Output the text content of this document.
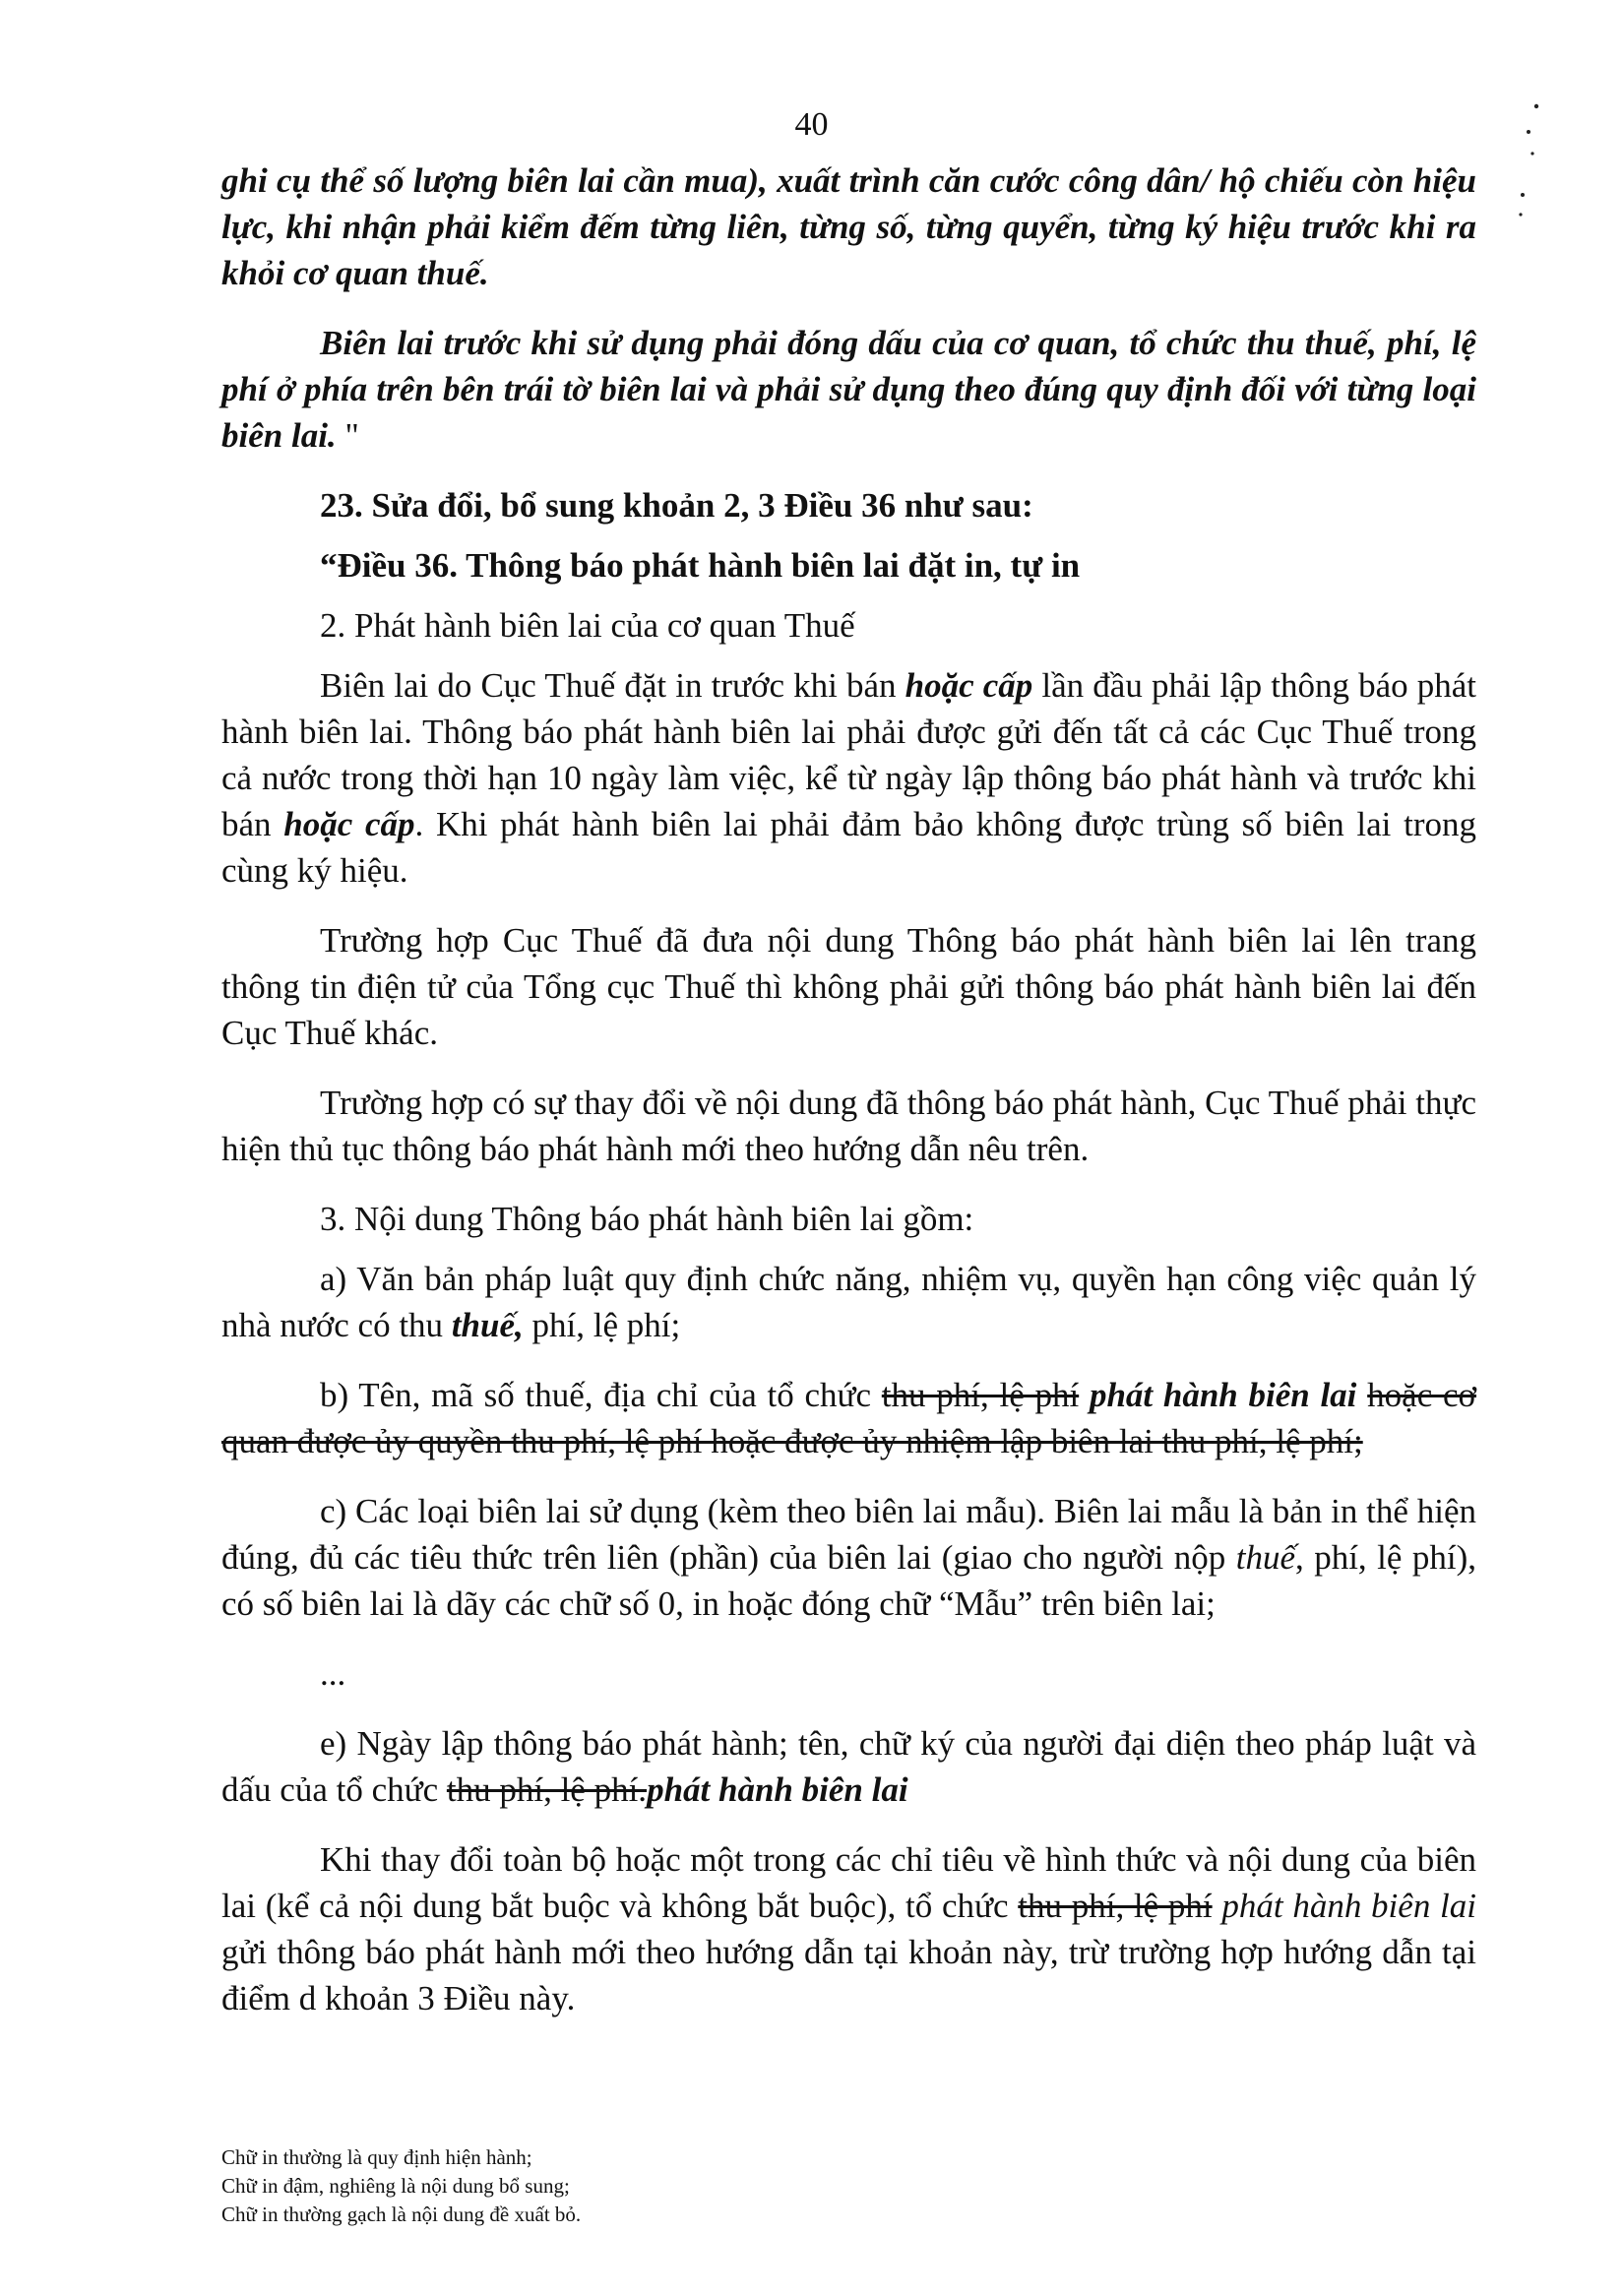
40

ghi cụ thể số lượng biên lai cần mua), xuất trình căn cước công dân/ hộ chiếu còn hiệu lực, khi nhận phải kiểm đếm từng liên, từng số, từng quyển, từng ký hiệu trước khi ra khỏi cơ quan thuế.

Biên lai trước khi sử dụng phải đóng dấu của cơ quan, tổ chức thu thuế, phí, lệ phí ở phía trên bên trái tờ biên lai và phải sử dụng theo đúng quy định đối với từng loại biên lai. "

23. Sửa đổi, bổ sung khoản 2, 3 Điều 36 như sau:

“Điều 36. Thông báo phát hành biên lai đặt in, tự in

2. Phát hành biên lai của cơ quan Thuế

Biên lai do Cục Thuế đặt in trước khi bán hoặc cấp lần đầu phải lập thông báo phát hành biên lai. Thông báo phát hành biên lai phải được gửi đến tất cả các Cục Thuế trong cả nước trong thời hạn 10 ngày làm việc, kể từ ngày lập thông báo phát hành và trước khi bán hoặc cấp. Khi phát hành biên lai phải đảm bảo không được trùng số biên lai trong cùng ký hiệu.

Trường hợp Cục Thuế đã đưa nội dung Thông báo phát hành biên lai lên trang thông tin điện tử của Tổng cục Thuế thì không phải gửi thông báo phát hành biên lai đến Cục Thuế khác.

Trường hợp có sự thay đổi về nội dung đã thông báo phát hành, Cục Thuế phải thực hiện thủ tục thông báo phát hành mới theo hướng dẫn nêu trên.

3. Nội dung Thông báo phát hành biên lai gồm:

a) Văn bản pháp luật quy định chức năng, nhiệm vụ, quyền hạn công việc quản lý nhà nước có thu thuế, phí, lệ phí;

b) Tên, mã số thuế, địa chỉ của tổ chức thu phí, lệ phí phát hành biên lai hoặc cơ quan được ủy quyền thu phí, lệ phí hoặc được ủy nhiệm lập biên lai thu phí, lệ phí;

c) Các loại biên lai sử dụng (kèm theo biên lai mẫu). Biên lai mẫu là bản in thể hiện đúng, đủ các tiêu thức trên liên (phần) của biên lai (giao cho người nộp thuế, phí, lệ phí), có số biên lai là dãy các chữ số 0, in hoặc đóng chữ “Mẫu” trên biên lai;

...

e) Ngày lập thông báo phát hành; tên, chữ ký của người đại diện theo pháp luật và dấu của tổ chức thu phí, lệ phí.phát hành biên lai

Khi thay đổi toàn bộ hoặc một trong các chỉ tiêu về hình thức và nội dung của biên lai (kể cả nội dung bắt buộc và không bắt buộc), tổ chức thu phí, lệ phí phát hành biên lai gửi thông báo phát hành mới theo hướng dẫn tại khoản này, trừ trường hợp hướng dẫn tại điểm d khoản 3 Điều này.

Chữ in thường là quy định hiện hành;
Chữ in đậm, nghiêng là nội dung bổ sung;
Chữ in thường gạch là nội dung đề xuất bỏ.
